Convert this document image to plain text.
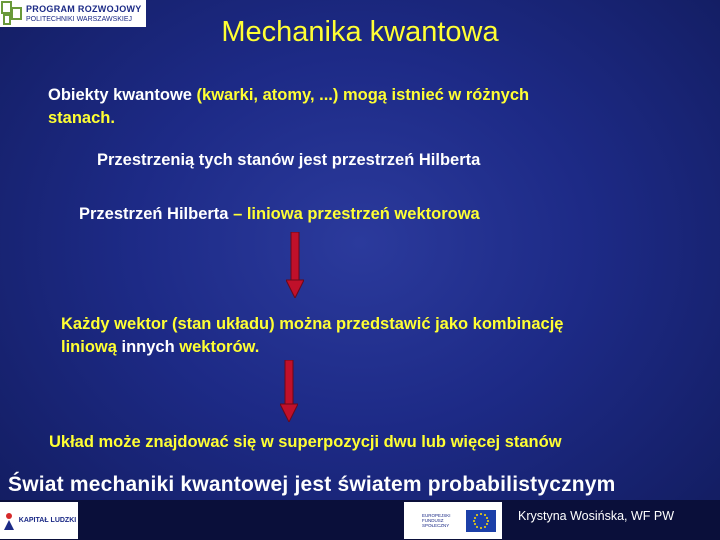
PROGRAM ROZWOJOWY
POLITECHNIKI WARSZAWSKIEJ	Mechanika kwantowa
Obiekty kwantowe (kwarki, atomy, ...) mogą istnieć w różnych stanach.
Przestrzenią tych stanów jest przestrzeń Hilberta
Przestrzeń Hilberta – liniowa przestrzeń wektorowa
Każdy wektor (stan układu) można przedstawić jako kombinację liniową innych wektorów.
Układ może znajdować się w superpozycji dwu lub więcej stanów
Świat mechaniki kwantowej jest światem probabilistycznym
KAPITAŁ LUDZKI
EUROPEJSKI FUNDUSZ SPOŁECZNY
Krystyna Wosińska, WF PW
